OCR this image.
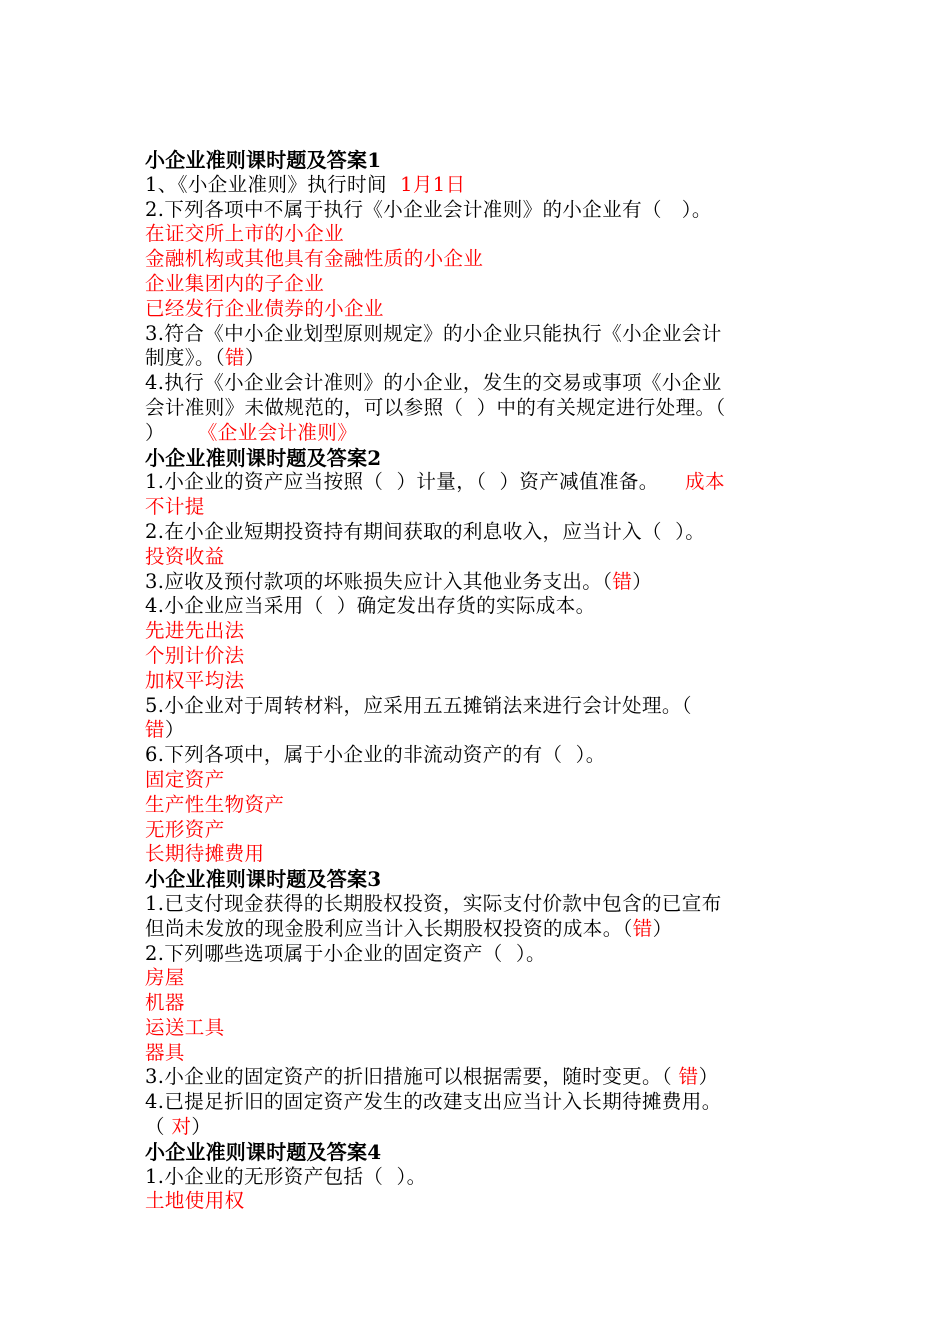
小企业准则课时题及答案1
1、《小企业准则》执行时间  1月1日
2.下列各项中不属于执行《小企业会计准则》的小企业有（   ）。
在证交所上市的小企业
金融机构或其他具有金融性质的小企业
企业集团内的子企业
已经发行企业债券的小企业
3.符合《中小企业划型原则规定》的小企业只能执行《小企业会计
制度》。（错）
4.执行《小企业会计准则》的小企业，发生的交易或事项《小企业
会计准则》未做规范的，可以参照（  ）中的有关规定进行处理。（
）     《企业会计准则》
小企业准则课时题及答案2
1.小企业的资产应当按照（  ）计量，（  ）资产减值准备。    成本
不计提
2.在小企业短期投资持有期间获取的利息收入，应当计入（  ）。
投资收益
3.应收及预付款项的坏账损失应计入其他业务支出。（错）
4.小企业应当采用（  ）确定发出存货的实际成本。
先进先出法
个别计价法
加权平均法
5.小企业对于周转材料，应采用五五摊销法来进行会计处理。（
错）
6.下列各项中，属于小企业的非流动资产的有（  ）。
固定资产
生产性生物资产
无形资产
长期待摊费用
小企业准则课时题及答案3
1.已支付现金获得的长期股权投资，实际支付价款中包含的已宣布
但尚未发放的现金股利应当计入长期股权投资的成本。（错）
2.下列哪些选项属于小企业的固定资产（  ）。
房屋
机器
运送工具
器具
3.小企业的固定资产的折旧措施可以根据需要，随时变更。（ 错）
4.已提足折旧的固定资产发生的改建支出应当计入长期待摊费用。
（ 对）
小企业准则课时题及答案4
1.小企业的无形资产包括（  ）。
土地使用权
